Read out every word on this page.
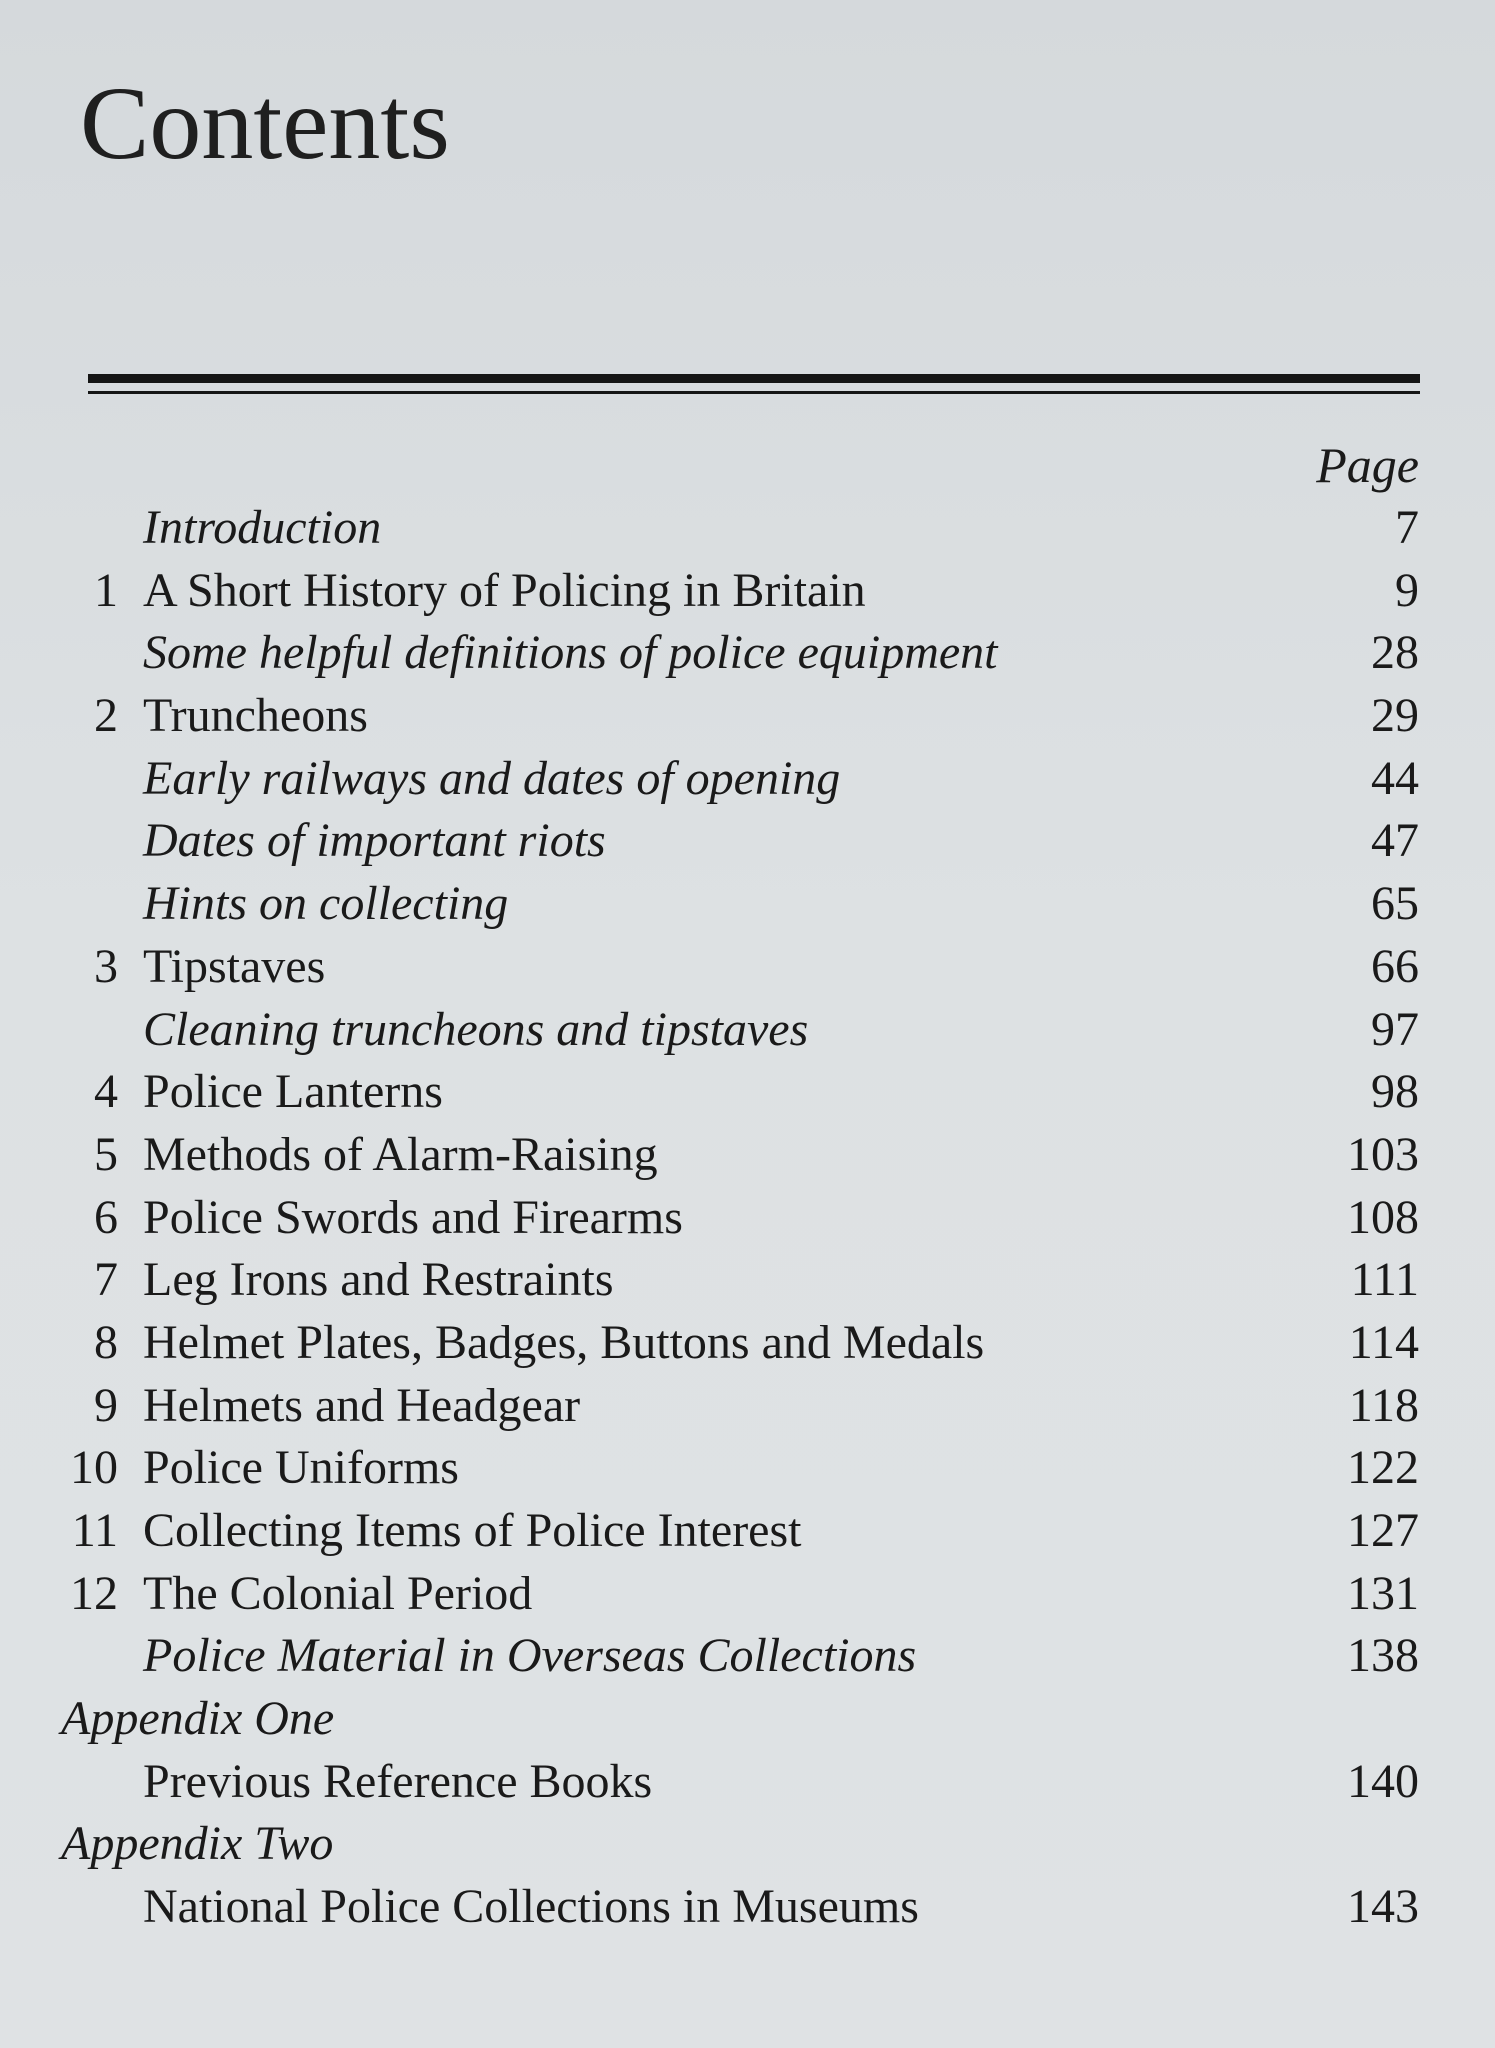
Contents
Page
Introduction	7
1 A Short History of Policing in Britain	9
Some helpful definitions of police equipment	28
2 Truncheons	29
Early railways and dates of opening	44
Dates of important riots	47
Hints on collecting	65
3 Tipstaves	66
Cleaning truncheons and tipstaves	97
4 Police Lanterns	98
5 Methods of Alarm-Raising	103
6 Police Swords and Firearms	108
7 Leg Irons and Restraints	111
8 Helmet Plates, Badges, Buttons and Medals	114
9 Helmets and Headgear	118
10 Police Uniforms	122
11 Collecting Items of Police Interest	127
12 The Colonial Period	131
Police Material in Overseas Collections	138
Appendix One
Previous Reference Books	140
Appendix Two
National Police Collections in Museums	143
